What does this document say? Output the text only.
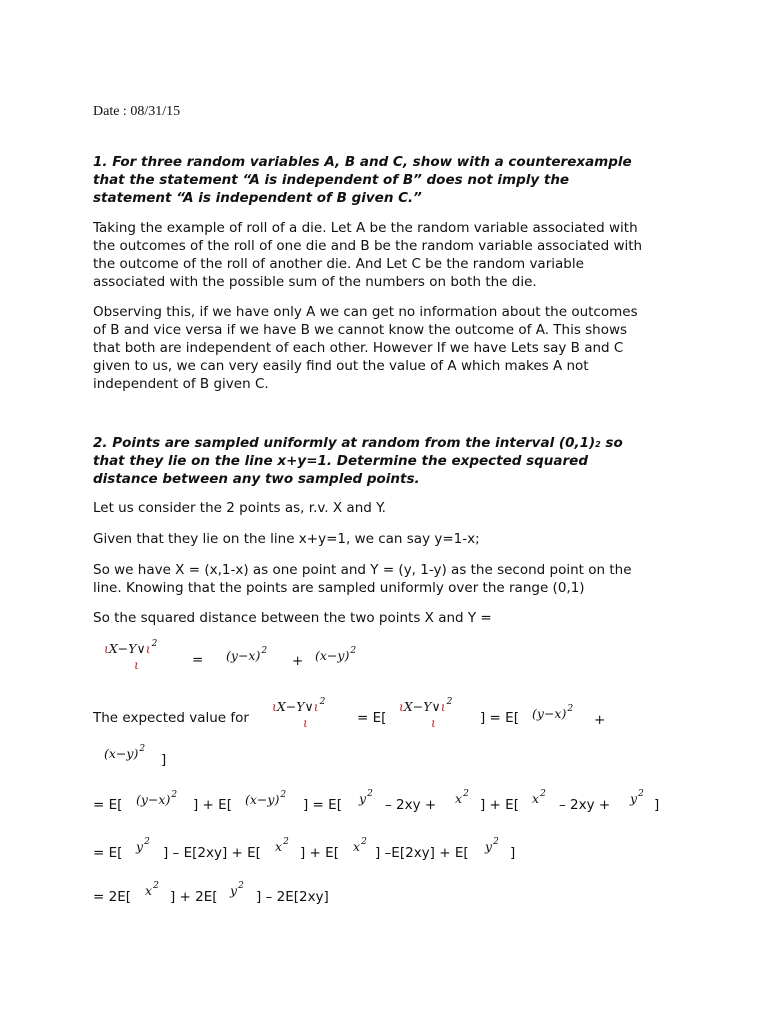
Date : 08/31/15
1. For three random variables A, B and C, show with a counterexample
that the statement “A is independent of B” does not imply the
statement “A is independent of B given C.”
Taking the example of roll of a die. Let A be the random variable associated with
the outcomes of the roll of one die and B be the random variable associated with
the outcome of the roll of another die. And Let C be the random variable
associated with the possible sum of the numbers on both the die.
Observing this, if we have only A we can get no information about the outcomes
of B and vice versa if we have B we cannot know the outcome of A. This shows
that both are independent of each other. However If we have Lets say B and C
given to us, we can very easily find out the value of A which makes A not
independent of B given C.
2. Points are sampled uniformly at random from the interval (0,1)2 so
that they lie on the line x+y=1. Determine the expected squared
distance between any two sampled points.
Let us consider the 2 points as, r.v. X and Y.
Given that they lie on the line x+y=1, we can say y=1-x;
So we have X = (x,1-x) as one point and Y = (y, 1-y) as the second point on the
line. Knowing that the points are sampled uniformly over the range (0,1)
So the squared distance between the two points X and Y =
$\iota X-Y\vee\iota^2$
ι	= $(y-x)^2$
+ $(x-y)^2$
The expected value for
$\iota X-Y\vee\iota^2$
ι	= E[
$\iota X-Y\vee\iota^2$
ι	] = E[ $(y-x)^2$
+
$(x-y)^2$
]
= E[ $(y-x)^2$
] + E[ $(x-y)^2$
] = E[ $y^2$
– $2xy + x^2$
] + E[ $x^2$
– $2xy + y^2$
]
= E[ $y^2$
] – E[2xy] + E[ $x^2$
] + E[ $x^2$
] –E[2xy] + E[ $y^2$
]
= 2E[ $x^2$
] + 2E[ $y^2$
] – 2E[2xy]
